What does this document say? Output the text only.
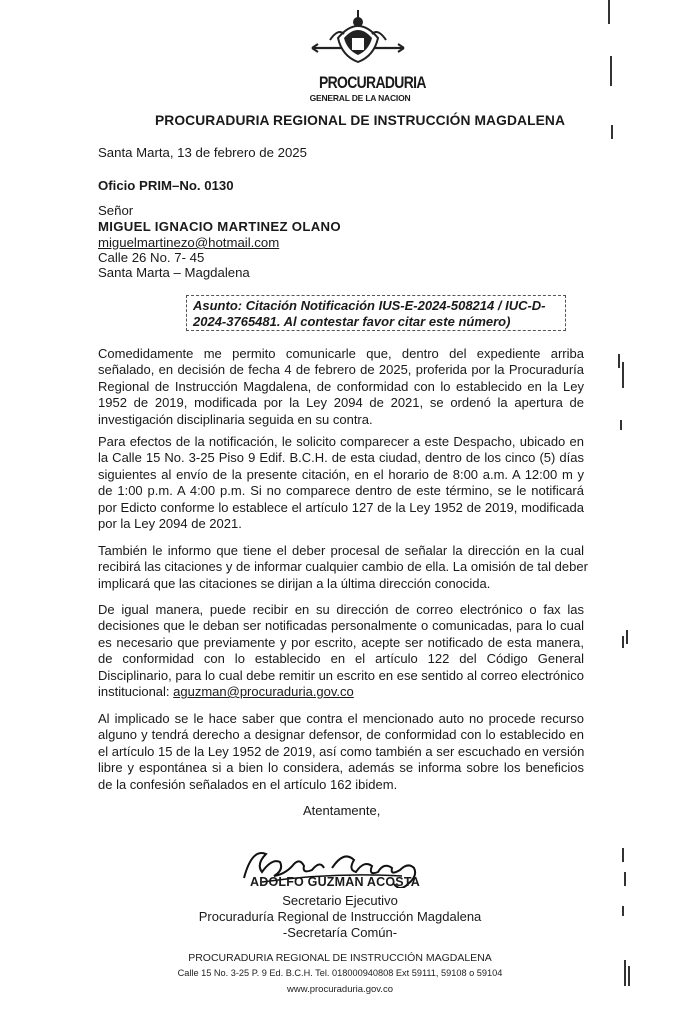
PROCURADURIA
GENERAL DE LA NACION
PROCURADURIA REGIONAL DE INSTRUCCIÓN MAGDALENA
Santa Marta, 13 de febrero de 2025
Oficio PRIM–No. 0130
Señor
MIGUEL IGNACIO MARTINEZ OLANO
miguelmartinezo@hotmail.com
Calle 26 No. 7- 45
Santa Marta – Magdalena
Asunto: Citación Notificación IUS-E-2024-508214 / IUC-D-
2024-3765481. Al contestar favor citar este número)
Comedidamente me permito comunicarle que, dentro del expediente arriba
señalado, en decisión de fecha 4 de febrero de 2025, proferida por la Procuraduría
Regional de Instrucción Magdalena, de conformidad con lo establecido en la Ley
1952 de 2019, modificada por la Ley 2094 de 2021, se ordenó la apertura de
investigación disciplinaria seguida en su contra.
Para efectos de la notificación, le solicito comparecer a este Despacho, ubicado en
la Calle 15 No. 3-25 Piso 9 Edif. B.C.H. de esta ciudad, dentro de los cinco (5) días
siguientes al envío de la presente citación, en el horario de 8:00 a.m. A 12:00 m y
de 1:00 p.m. A 4:00 p.m. Si no comparece dentro de este término, se le notificará
por Edicto conforme lo establece el artículo 127 de la Ley 1952 de 2019, modificada
por la Ley 2094 de 2021.
También le informo que tiene el deber procesal de señalar la dirección en la cual
recibirá las citaciones y de informar cualquier cambio de ella. La omisión de tal deber
implicará que las citaciones se dirijan a la última dirección conocida.
De igual manera, puede recibir en su dirección de correo electrónico o fax las
decisiones que le deban ser notificadas personalmente o comunicadas, para lo cual
es necesario que previamente y por escrito, acepte ser notificado de esta manera,
de conformidad con lo establecido en el artículo 122 del Código General
Disciplinario, para lo cual debe remitir un escrito en ese sentido al correo electrónico
institucional: aguzman@procuraduria.gov.co
Al implicado se le hace saber que contra el mencionado auto no procede recurso
alguno y tendrá derecho a designar defensor, de conformidad con lo establecido en
el artículo 15 de la Ley 1952 de 2019, así como también a ser escuchado en versión
libre y espontánea si a bien lo considera, además se informa sobre los beneficios
de la confesión señalados en el artículo 162 ibidem.
Atentamente,
ADOLFO GUZMÁN ACOSTA
Secretario Ejecutivo
Procuraduría Regional de Instrucción Magdalena
-Secretaría Común-
PROCURADURIA REGIONAL DE INSTRUCCIÓN MAGDALENA
Calle 15 No. 3-25 P. 9 Ed. B.C.H. Tel. 018000940808 Ext 59111, 59108 o 59104
www.procuraduria.gov.co
